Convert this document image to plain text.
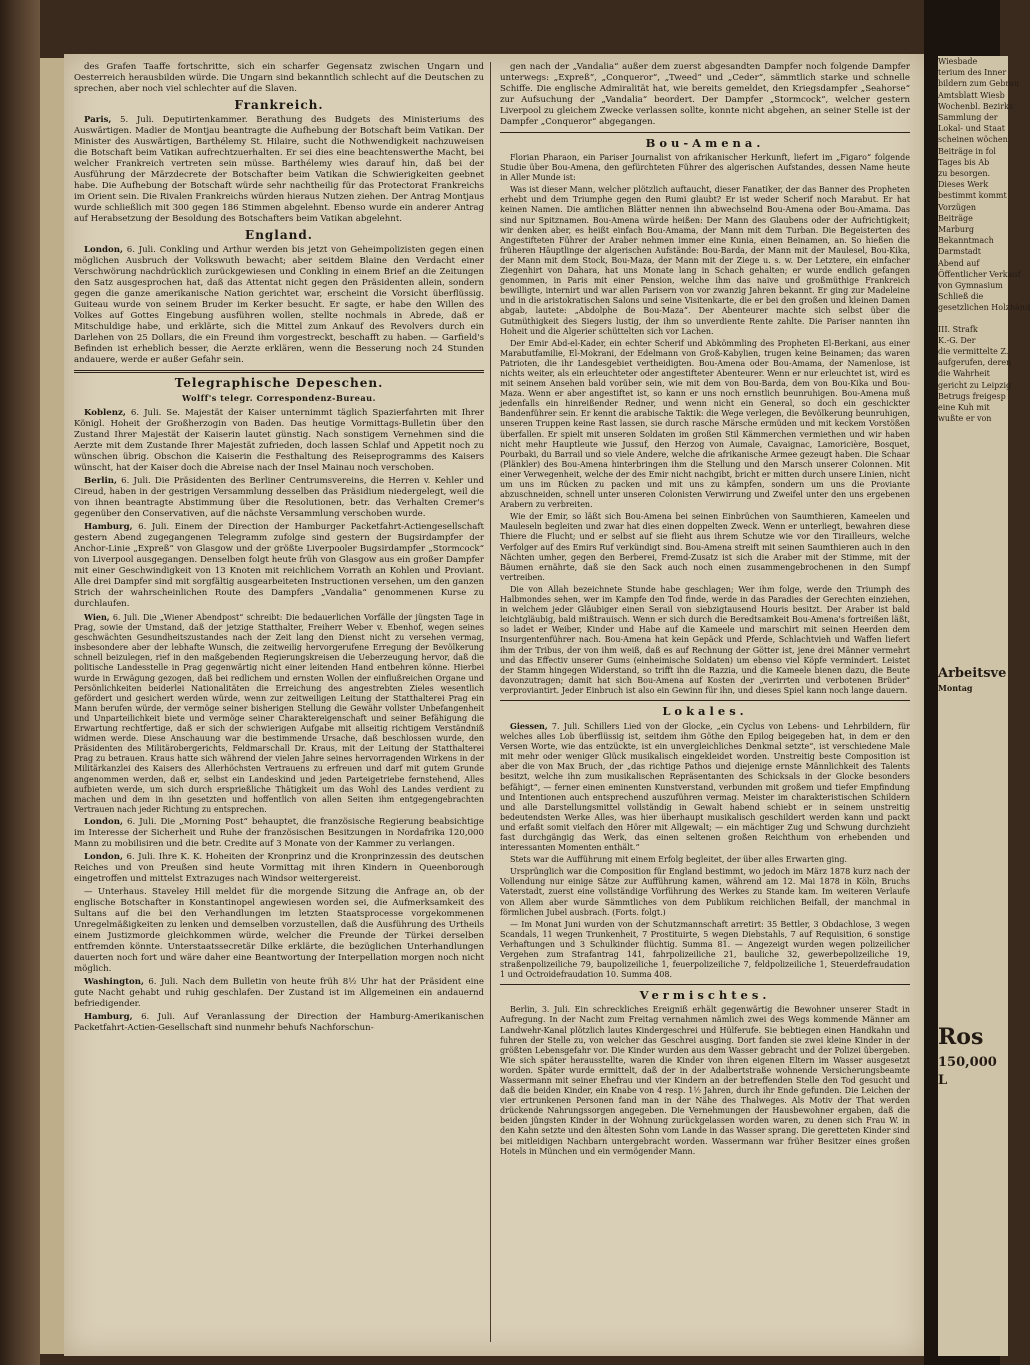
des Grafen Taaffe fortschritte, sich ein scharfer Gegensatz zwischen Ungarn und Oesterreich herausbilden würde. Die Ungarn sind bekanntlich schlecht auf die Deutschen zu sprechen, aber noch viel schlechter auf die Slaven.

Frankreich.

Paris, 5. Juli. Deputirtenkammer. Berathung des Budgets des Ministeriums des Auswärtigen. Madier de Montjau beantragte die Aufhebung der Botschaft beim Vatikan. Der Minister des Auswärtigen, Barthélemy St. Hilaire, sucht die Nothwendigkeit nachzuweisen die Botschaft beim Vatikan aufrechtzuerhalten. Er sei dies eine beachtenswerthe Macht, bei welcher Frankreich vertreten sein müsse. Barthélemy wies darauf hin, daß bei der Ausführung der Märzdecrete der Botschafter beim Vatikan die Schwierigkeiten geebnet habe. Die Aufhebung der Botschaft würde sehr nachtheilig für das Protectorat Frankreichs im Orient sein. Die Rivalen Frankreichs würden hieraus Nutzen ziehen. Der Antrag Montjaus wurde schließlich mit 300 gegen 186 Stimmen abgelehnt. Ebenso wurde ein anderer Antrag auf Herabsetzung der Besoldung des Botschafters beim Vatikan abgelehnt.

England.

London, 6. Juli. Conkling und Arthur werden bis jetzt von Geheimpolizisten gegen einen möglichen Ausbruch der Volkswuth bewacht; aber seitdem Blaine den Verdacht einer Verschwörung nachdrücklich zurückgewiesen und Conkling in einem Brief an die Zeitungen den Satz ausgesprochen hat, daß das Attentat nicht gegen den Präsidenten allein, sondern gegen die ganze amerikanische Nation gerichtet war, erscheint die Vorsicht überflüssig. Guiteau wurde von seinem Bruder im Kerker besucht. Er sagte, er habe den Willen des Volkes auf Gottes Eingebung ausführen wollen, stellte nochmals in Abrede, daß er Mitschuldige habe, und erklärte, sich die Mittel zum Ankauf des Revolvers durch ein Darlehen von 25 Dollars, die ein Freund ihm vorgestreckt, beschafft zu haben. — Garfield's Befinden ist erheblich besser, die Aerzte erklären, wenn die Besserung noch 24 Stunden andauere, werde er außer Gefahr sein.

Telegraphische Depeschen.
Wolff's telegr. Correspondenz-Bureau.

Koblenz, 6. Juli. Se. Majestät der Kaiser unternimmt täglich Spazierfahrten mit Ihrer Königl. Hoheit der Großherzogin von Baden. Das heutige Vormittags-Bulletin über den Zustand Ihrer Majestät der Kaiserin lautet günstig. Nach sonstigem Vernehmen sind die Aerzte mit dem Zustande Ihrer Majestät zufrieden, doch lassen Schlaf und Appetit noch zu wünschen übrig. Obschon die Kaiserin die Festhaltung des Reiseprogramms des Kaisers wünscht, hat der Kaiser doch die Abreise nach der Insel Mainau noch verschoben.

Berlin, 6. Juli. Die Präsidenten des Berliner Centrumsvereins, die Herren v. Kehler und Cireud, haben in der gestrigen Versammlung desselben das Präsidium niedergelegt, weil die von ihnen beantragte Abstimmung über die Resolutionen, betr. das Verhalten Cremer's gegenüber den Conservativen, auf die nächste Versammlung verschoben wurde.

Hamburg, 6. Juli. Einem der Direction der Hamburger Packetfahrt-Actiengesellschaft gestern Abend zugegangenen Telegramm zufolge sind gestern der Bugsirdampfer der Anchor-Linie „Expreß“ von Glasgow und der größte Liverpooler Bugsirdampfer „Stormcock“ von Liverpool ausgegangen. Denselben folgt heute früh von Glasgow aus ein großer Dampfer mit einer Geschwindigkeit von 13 Knoten mit reichlichem Vorrath an Kohlen und Proviant. Alle drei Dampfer sind mit sorgfältig ausgearbeiteten Instructionen versehen, um den ganzen Strich der wahrscheinlichen Route des Dampfers „Vandalia“ genommenen Kurse zu durchlaufen.

Wien, 6. Juli. Die „Wiener Abendpost“ schreibt: Die bedauerlichen Vorfälle der jüngsten Tage in Prag, sowie der Umstand, daß der jetzige Statthalter, Freiherr Weber v. Ebenhof, wegen seines geschwächten Gesundheitszustandes nach der Zeit lang den Dienst nicht zu versehen vermag, insbesondere aber der lebhafte Wunsch, die zeitweilig hervorgerufene Erregung der Bevölkerung schnell beizulegen, rief in den maßgebenden Regierungskreisen die Ueberzeugung hervor, daß die politische Landesstelle in Prag gegenwärtig nicht einer leitenden Hand entbehren könne. Hierbei wurde in Erwägung gezogen, daß bei redlichem und ernsten Wollen der einflußreichen Organe und Persönlichkeiten beiderlei Nationalitäten die Erreichung des angestrebten Zieles wesentlich gefördert und gesichert werden würde, wenn zur zeitweiligen Leitung der Statthalterei Prag ein Mann berufen würde, der vermöge seiner bisherigen Stellung die Gewähr vollster Unbefangenheit und Unparteilichkeit biete und vermöge seiner Charaktereigenschaft und seiner Befähigung die Erwartung rechtfertige, daß er sich der schwierigen Aufgabe mit allseitig richtigem Verständniß widmen werde. Diese Anschauung war die bestimmende Ursache, daß beschlossen wurde, den Präsidenten des Militärobergerichts, Feldmarschall Dr. Kraus, mit der Leitung der Statthalterei Prag zu betrauen. Kraus hatte sich während der vielen Jahre seines hervorragenden Wirkens in der Militärkanzlei des Kaisers des Allerhöchsten Vertrauens zu erfreuen und darf mit gutem Grunde angenommen werden, daß er, selbst ein Landeskind und jeden Parteigetriebe fernstehend, Alles aufbieten werde, um sich durch ersprießliche Thätigkeit um das Wohl des Landes verdient zu machen und dem in ihn gesetzten und hoffentlich von allen Seiten ihm entgegengebrachten Vertrauen nach jeder Richtung zu entsprechen.

London, 6. Juli. Die „Morning Post“ behauptet, die französische Regierung beabsichtige im Interesse der Sicherheit und Ruhe der französischen Besitzungen in Nordafrika 120,000 Mann zu mobilisiren und die betr. Credite auf 3 Monate von der Kammer zu verlangen.

London, 6. Juli. Ihre K. K. Hoheiten der Kronprinz und die Kronprinzessin des deutschen Reiches und von Preußen sind heute Vormittag mit ihren Kindern in Queenborough eingetroffen und mittelst Extrazuges nach Windsor weitergereist.

— Unterhaus. Staveley Hill meldet für die morgende Sitzung die Anfrage an, ob der englische Botschafter in Konstantinopel angewiesen worden sei, die Aufmerksamkeit des Sultans auf die bei den Verhandlungen im letzten Staatsprocesse vorgekommenen Unregelmäßigkeiten zu lenken und demselben vorzustellen, daß die Ausführung des Urtheils einem Justizmorde gleichkommen würde, welcher die Freunde der Türkei derselben entfremden könnte. Unterstaatssecretär Dilke erklärte, die bezüglichen Unterhandlungen dauerten noch fort und wäre daher eine Beantwortung der Interpellation morgen noch nicht möglich.

Washington, 6. Juli. Nach dem Bulletin von heute früh 8½ Uhr hat der Präsident eine gute Nacht gehabt und ruhig geschlafen. Der Zustand ist im Allgemeinen ein andauernd befriedigender.

Hamburg, 6. Juli. Auf Veranlassung der Direction der Hamburg-Amerikanischen Packetfahrt-Actien-Gesellschaft sind nunmehr behufs Nachforschun-

gen nach der „Vandalia“ außer dem zuerst abgesandten Dampfer noch folgende Dampfer unterwegs: „Expreß“, „Conqueror“, „Tweed“ und „Ceder“, sämmtlich starke und schnelle Schiffe. Die englische Admiralität hat, wie bereits gemeldet, den Kriegsdampfer „Seahorse“ zur Aufsuchung der „Vandalia“ beordert. Der Dampfer „Stormcock“, welcher gestern Liverpool zu gleichem Zwecke verlassen sollte, konnte nicht abgehen, an seiner Stelle ist der Dampfer „Conqueror“ abgegangen.

Bou-Amena.

Florian Pharaon, ein Pariser Journalist von afrikanischer Herkunft, liefert im „Figaro“ folgende Studie über Bou-Amena, den gefürchteten Führer des algerischen Aufstandes, dessen Name heute in Aller Munde ist:

Was ist dieser Mann, welcher plötzlich auftaucht, dieser Fanatiker, der das Banner des Propheten erhebt und dem Triumphe gegen den Rumi glaubt? Er ist weder Scherif noch Marabut. Er hat keinen Namen. Die amtlichen Blätter nennen ihn abwechselnd Bou-Amena oder Bou-Amama. Das sind nur Spitznamen. Bou-Amena würde heißen: Der Mann des Glaubens oder der Aufrichtigkeit; wir denken aber, es heißt einfach Bou-Amama, der Mann mit dem Turban. Die Begeisterten des Angestifteten Führer der Araber nehmen immer eine Kunia, einen Beinamen, an. So hießen die früheren Häuptlinge der algerischen Aufstände: Bou-Barda, der Mann mit der Maulesel, Bou-Kika, der Mann mit dem Stock, Bou-Maza, der Mann mit der Ziege u. s. w. Der Letztere, ein einfacher Ziegenhirt von Dahara, hat uns Monate lang in Schach gehalten; er wurde endlich gefangen genommen, in Paris mit einer Pension, welche ihm das naive und großmüthige Frankreich bewilligte, internirt und war allen Parisern von vor zwanzig Jahren bekannt. Er ging zur Madeleine und in die aristokratischen Salons und seine Visitenkarte, die er bei den großen und kleinen Damen abgab, lautete: „Abdolphe de Bou-Maza“. Der Abenteurer machte sich selbst über die Gutmüthigkeit des Siegers lustig, der ihm so unverdiente Rente zahlte. Die Pariser nannten ihn Hoheit und die Algerier schüttelten sich vor Lachen.

Der Emir Abd-el-Kader, ein echter Scherif und Abkömmling des Propheten El-Berkani, aus einer Marabutfamilie, El-Mokrani, der Edelmann von Groß-Kabylien, trugen keine Beinamen; das waren Patrioten, die ihr Landesgebiet vertheidigten. Bou-Amena oder Bou-Amama, der Namenlose, ist nichts weiter, als ein erleuchteter oder angestifteter Abenteurer. Wenn er nur erleuchtet ist, wird es mit seinem Ansehen bald vorüber sein, wie mit dem von Bou-Barda, dem von Bou-Kika und Bou-Maza. Wenn er aber angestiftet ist, so kann er uns noch ernstlich beunruhigen. Bou-Amena muß jedenfalls ein hinreißender Redner, und wenn nicht ein General, so doch ein geschickter Bandenführer sein. Er kennt die arabische Taktik: die Wege verlegen, die Bevölkerung beunruhigen, unseren Truppen keine Rast lassen, sie durch rasche Märsche ermüden und mit keckem Vorstößen überfallen. Er spielt mit unseren Soldaten im großen Stil Kämmerchen vermiethen und wir haben nicht mehr Hauptleute wie Jussuf, den Herzog von Aumale, Cavaignac, Lamoricière, Bosquet, Pourbaki, du Barrail und so viele Andere, welche die afrikanische Armee gezeugt haben. Die Schaar (Plänkler) des Bou-Amena hinterbringen ihm die Stellung und den Marsch unserer Colonnen. Mit einer Verwegenheit, welche der des Emir nicht nachgibt, bricht er mitten durch unsere Linien, nicht um uns im Rücken zu packen und mit uns zu kämpfen, sondern um uns die Proviante abzuschneiden, schnell unter unseren Colonisten Verwirrung und Zweifel unter den uns ergebenen Arabern zu verbreiten.

Wie der Emir, so läßt sich Bou-Amena bei seinen Einbrüchen von Saumthieren, Kameelen und Mauleseln begleiten und zwar hat dies einen doppelten Zweck. Wenn er unterliegt, bewahren diese Thiere die Flucht; und er selbst auf sie flieht aus ihrem Schutze wie vor den Tirailleurs, welche Verfolger auf des Emirs Ruf verkündigt sind. Bou-Amena streift mit seinen Saumthieren auch in den Nächten umher, gegen den Berberei, Fremd-Zusatz ist sich die Araber mit der Stimme, mit der Bäumen ernährte, daß sie den Sack auch noch einen zusammengebrochenen in den Sumpf vertreiben.

Die von Allah bezeichnete Stunde habe geschlagen; Wer ihm folge, werde den Triumph des Halbmondes sehen, wer im Kampfe den Tod finde, werde in das Paradies der Gerechten einziehen, in welchem jeder Gläubiger einen Serail von siebzigtausend Houris besitzt. Der Araber ist bald leichtgläubig, bald mißtrauisch. Wenn er sich durch die Beredtsamkeit Bou-Amena's fortreißen läßt, so ladet er Weiber, Kinder und Habe auf die Kameele und marschirt mit seinen Heerden dem Insurgentenführer nach. Bou-Amena hat kein Gepäck und Pferde, Schlachtvieh und Waffen liefert ihm der Tribus, der von ihm weiß, daß es auf Rechnung der Götter ist, jene drei Männer vermehrt und das Effectiv unserer Gums (einheimische Soldaten) um ebenso viel Köpfe vermindert. Leistet der Stamm hingegen Widerstand, so trifft ihn die Razzia, und die Kameele bienen dazu, die Beute davonzutragen; damit hat sich Bou-Amena auf Kosten der „verirrten und verbotenen Brüder“ verproviantirt. Jeder Einbruch ist also ein Gewinn für ihn, und dieses Spiel kann noch lange dauern.

Lokales.

Giessen, 7. Juli. Schillers Lied von der Glocke, „ein Cyclus von Lebens- und Lehrbildern, für welches alles Lob überflüssig ist, seitdem ihm Göthe den Epilog beigegeben hat, in dem er den Versen Worte, wie das entzückte, ist ein unvergleichliches Denkmal setzte“, ist verschiedene Male mit mehr oder weniger Glück musikalisch eingekleidet worden. Unstreitig beste Composition ist aber die von Max Bruch, der „das richtige Pathos und diejenige ernste Männlichkeit des Talents besitzt, welche ihn zum musikalischen Repräsentanten des Schicksals in der Glocke besonders befähigt“, — ferner einen eminenten Kunstverstand, verbunden mit großem und tiefer Empfindung und Intentionen auch entsprechend auszuführen vermag. Meister im charakteristischen Schildern und alle Darstellungsmittel vollständig in Gewalt habend schiebt er in seinem unstreitig bedeutendsten Werke Alles, was hier überhaupt musikalisch geschildert werden kann und packt und erfaßt somit vielfach den Hörer mit Allgewalt; — ein mächtiger Zug und Schwung durchzieht fast durchgängig das Werk, das einen seltenen großen Reichthum von erhebenden und interessanten Momenten enthält.“

Stets war die Aufführung mit einem Erfolg begleitet, der über alles Erwarten ging.

Ursprünglich war die Composition für England bestimmt, wo jedoch im März 1878 kurz nach der Vollendung nur einige Sätze zur Aufführung kamen, während am 12. Mai 1878 in Köln, Bruchs Vaterstadt, zuerst eine vollständige Vorführung des Werkes zu Stande kam. Im weiteren Verlaufe von Allem aber wurde Sämmtliches von dem Publikum reichlichen Beifall, der manchmal in förmlichen Jubel ausbrach. (Forts. folgt.)

— Im Monat Juni wurden von der Schutzmannschaft arretirt: 35 Bettler, 3 Obdachlose, 3 wegen Scandals, 11 wegen Trunkenheit, 7 Prostituirte, 5 wegen Diebstahls, 7 auf Requisition, 6 sonstige Verhaftungen und 3 Schulkinder flüchtig. Summa 81. — Angezeigt wurden wegen polizeilicher Vergehen zum Strafantrag 141, fahrpolizeiliche 21, bauliche 32, gewerbepolizeiliche 19, straßenpolizeiliche 79, baupolizeiliche 1, feuerpolizeiliche 7, feldpolizeiliche 1, Steuerdefraudation 1 und Octroidefraudation 10. Summa 408.

Vermischtes.

Berlin, 3. Juli. Ein schreckliches Ereigniß erhält gegenwärtig die Bewohner unserer Stadt in Aufregung. In der Nacht zum Freitag vernahmen nämlich zwei des Wegs kommende Männer am Landwehr-Kanal plötzlich lautes Kindergeschrei und Hülferufe. Sie bebtiegen einen Handkahn und fuhren der Stelle zu, von welcher das Geschrei ausging. Dort fanden sie zwei kleine Kinder in der größten Lebensgefahr vor. Die Kinder wurden aus dem Wasser gebracht und der Polizei übergeben. Wie sich später herausstellte, waren die Kinder von ihren eigenen Eltern im Wasser ausgesetzt worden. Später wurde ermittelt, daß der in der Adalbertstraße wohnende Versicherungsbeamte Wassermann mit seiner Ehefrau und vier Kindern an der betreffenden Stelle den Tod gesucht und daß die beiden Kinder, ein Knabe von 4 resp. 1½ Jahren, durch ihr Ende gefunden. Die Leichen der vier ertrunkenen Personen fand man in der Nähe des Thalweges. Als Motiv der That werden drückende Nahrungssorgen angegeben. Die Vernehmungen der Hausbewohner ergaben, daß die beiden jüngsten Kinder in der Wohnung zurückgelassen worden waren, zu denen sich Frau W. in den Kahn setzte und den ältesten Sohn vom Lande in das Wasser sprang. Die geretteten Kinder sind bei mitleidigen Nachbarn untergebracht worden. Wassermann war früher Besitzer eines großen Hotels in München und ein vermögender Mann.

Wiesbade
terium des Inner
bildern zum Gebrau
Amtsblatt Wiesb
Wochenbl. Bezirks
Sammlung der
Lokal- und Staat
scheinen wöchen
Beiträge in fol
Tages bis Ab
zu besorgen.
Dieses Werk
bestimmt kommt
Vorzügen
Beiträge
Marburg
Bekanntmach
Darmstadt
Abend auf
Öffentlicher Verkauf
von Gymnasium
Schließ die
gesetzlichen Holzhänd
III. Strafk
K.-G. Der
die vermittelte Z.
aufgerufen, deren
die Wahrheit
gericht zu Leipzig
Betrugs freigesp
eine Kuh mit
wußte er von
Arbeitsve
Montag
Ros
150,000 L
